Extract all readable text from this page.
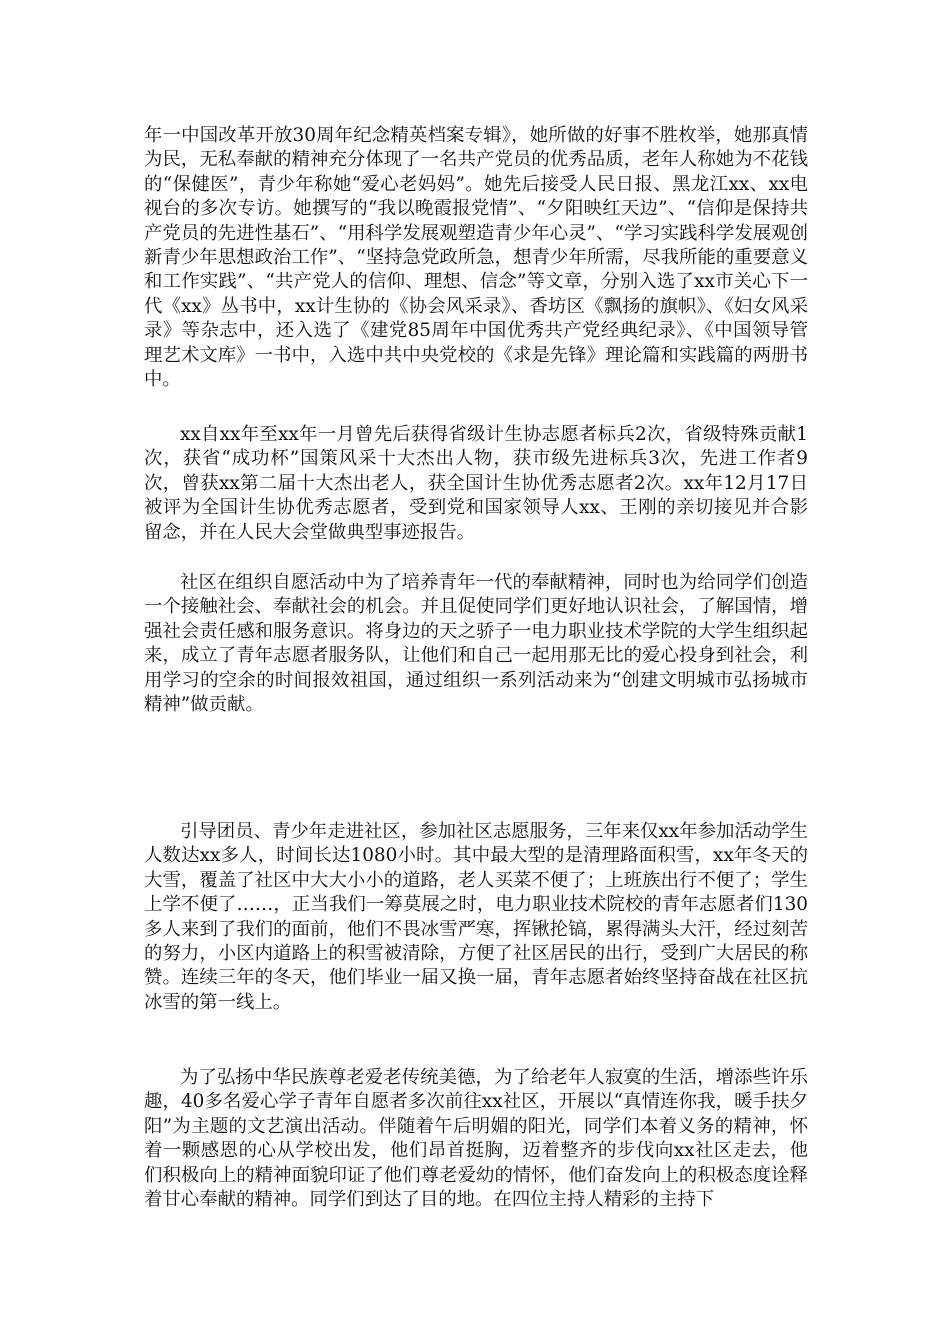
年一中国改革开放30周年纪念精英档案专辑》，她所做的好事不胜枚举，她那真情为民，无私奉献的精神充分体现了一名共产党员的优秀品质，老年人称她为不花钱的“保健医”，青少年称她“爱心老妈妈”。她先后接受人民日报、黑龙江xx、xx电视台的多次专访。她撰写的“我以晚霞报党情”、“夕阳映红天边”、“信仰是保持共产党员的先进性基石”、“用科学发展观塑造青少年心灵”、“学习实践科学发展观创新青少年思想政治工作”、“坚持急党政所急，想青少年所需，尽我所能的重要意义和工作实践”、“共产党人的信仰、理想、信念”等文章，分别入选了xx市关心下一代《xx》丛书中，xx计生协的《协会风采录》、香坊区《飘扬的旗帜》、《妇女风采录》等杂志中，还入选了《建党85周年中国优秀共产党经典纪录》、《中国领导管理艺术文库》一书中，入选中共中央党校的《求是先锋》理论篇和实践篇的两册书中。

xx自xx年至xx年一月曾先后获得省级计生协志愿者标兵2次，省级特殊贡献1次，获省“成功杯”国策风采十大杰出人物，获市级先进标兵3次，先进工作者9次，曾获xx第二届十大杰出老人，获全国计生协优秀志愿者2次。xx年12月17日被评为全国计生协优秀志愿者，受到党和国家领导人xx、王刚的亲切接见并合影留念，并在人民大会堂做典型事迹报告。

社区在组织自愿活动中为了培养青年一代的奉献精神，同时也为给同学们创造一个接触社会、奉献社会的机会。并且促使同学们更好地认识社会，了解国情，增强社会责任感和服务意识。将身边的天之骄子一电力职业技术学院的大学生组织起来，成立了青年志愿者服务队，让他们和自己一起用那无比的爱心投身到社会，利用学习的空余的时间报效祖国，通过组织一系列活动来为“创建文明城市弘扬城市精神”做贡献。

引导团员、青少年走进社区，参加社区志愿服务，三年来仅xx年参加活动学生人数达xx多人，时间长达1080小时。其中最大型的是清理路面积雪，xx年冬天的大雪，覆盖了社区中大大小小的道路，老人买菜不便了；上班族出行不便了；学生上学不便了……，正当我们一筹莫展之时，电力职业技术院校的青年志愿者们130多人来到了我们的面前，他们不畏冰雪严寒，挥锹抡镐，累得满头大汗，经过刻苦的努力，小区内道路上的积雪被清除，方便了社区居民的出行，受到广大居民的称赞。连续三年的冬天，他们毕业一届又换一届，青年志愿者始终坚持奋战在社区抗冰雪的第一线上。

为了弘扬中华民族尊老爱老传统美德，为了给老年人寂寞的生活，增添些许乐趣，40多名爱心学子青年自愿者多次前往xx社区，开展以“真情连你我，暖手扶夕阳”为主题的文艺演出活动。伴随着午后明媚的阳光，同学们本着义务的精神，怀着一颗感恩的心从学校出发，他们昂首挺胸，迈着整齐的步伐向xx社区走去，他们积极向上的精神面貌印证了他们尊老爱幼的情怀，他们奋发向上的积极态度诠释着甘心奉献的精神。同学们到达了目的地。在四位主持人精彩的主持下
